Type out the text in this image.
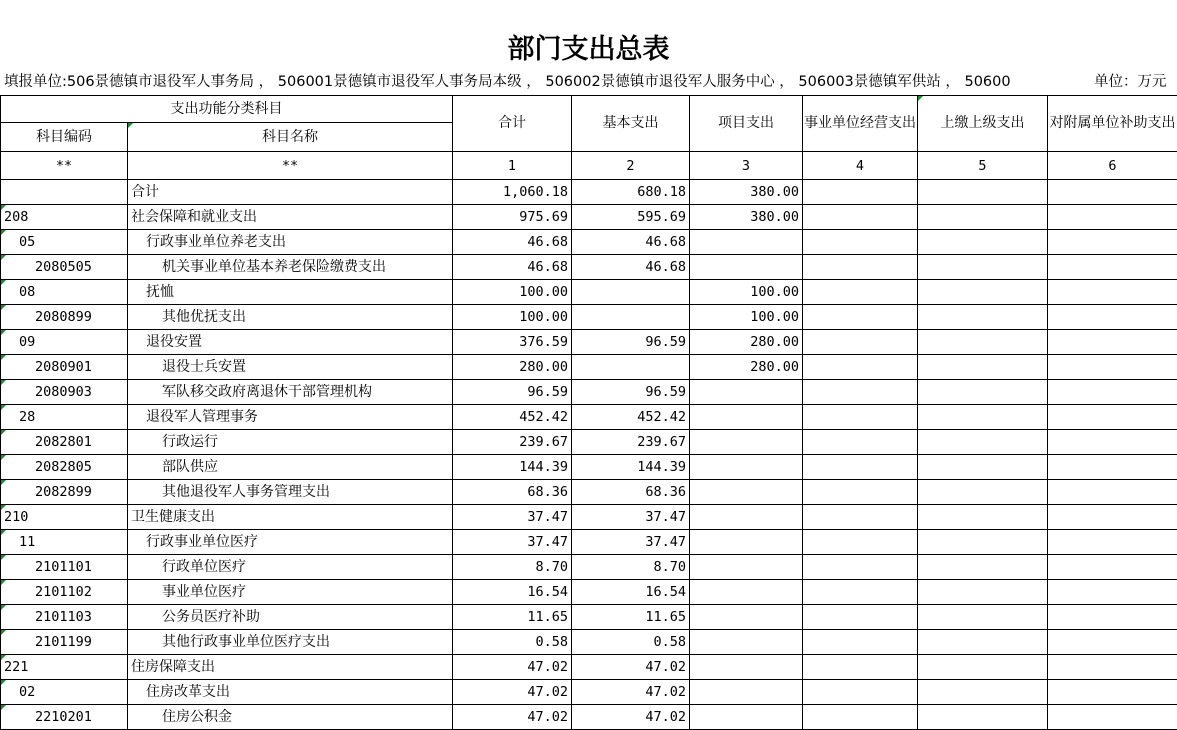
部门支出总表
填报单位:506景德镇市退役军人事务局 ， 506001景德镇市退役军人事务局本级 ， 506002景德镇市退役军人服务中心 ， 506003景德镇军供站 ， 50600	单位：万元
支出功能分类科目		合计	基本支出	项目支出	事业单位经营支出	上缴上级支出	对附属单位补助支出
科目编码	科目名称						
**	**	1	2	3	4	5	6
	合计	1,060.18	680.18	380.00			
208	社会保障和就业支出	975.69	595.69	380.00			
05	行政事业单位养老支出	46.68	46.68				
2080505	机关事业单位基本养老保险缴费支出	46.68	46.68				
08	抚恤	100.00		100.00			
2080899	其他优抚支出	100.00		100.00			
09	退役安置	376.59	96.59	280.00			
2080901	退役士兵安置	280.00		280.00			
2080903	军队移交政府离退休干部管理机构	96.59	96.59				
28	退役军人管理事务	452.42	452.42				
2082801	行政运行	239.67	239.67				
2082805	部队供应	144.39	144.39				
2082899	其他退役军人事务管理支出	68.36	68.36				
210	卫生健康支出	37.47	37.47				
11	行政事业单位医疗	37.47	37.47				
2101101	行政单位医疗	8.70	8.70				
2101102	事业单位医疗	16.54	16.54				
2101103	公务员医疗补助	11.65	11.65				
2101199	其他行政事业单位医疗支出	0.58	0.58				
221	住房保障支出	47.02	47.02				
02	住房改革支出	47.02	47.02				
2210201	住房公积金	47.02	47.02				
